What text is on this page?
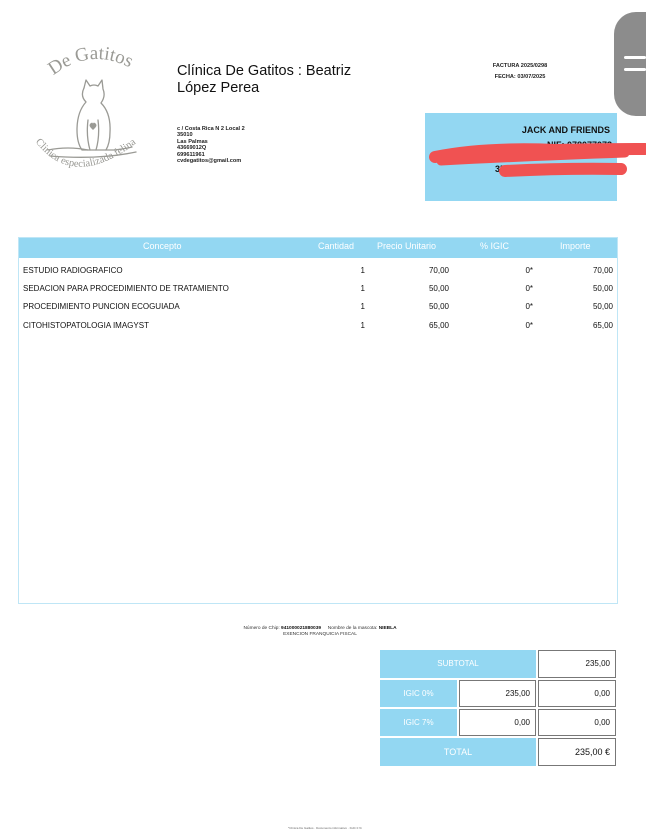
De Gatitos
Clinica especializada felina
Clínica De Gatitos : Beatriz López Perea
c / Costa Rica N 2 Local 2
35010
Las Palmas
43669012Q
699611961
cvdegatitos@gmail.com
FACTURA 2025/0298
FECHA: 03/07/2025
JACK AND FRIENDS
NIF: 078077073
35
Concepto	Cantidad	Precio Unitario	% IGIC	Importe
ESTUDIO RADIOGRAFICO	1	70,00	0*	70,00
SEDACION PARA PROCEDIMIENTO DE TRATAMIENTO	1	50,00	0*	50,00
PROCEDIMIENTO PUNCION ECOGUIADA	1	50,00	0*	50,00
CITOHISTOPATOLOGIA IMAGYST	1	65,00	0*	65,00
Número de Chip: 941000021880039 Nombre de la mascota: NIEBLA
EXENCION FRANQUICIA FISCAL
SUBTOTAL	235,00
IGIC 0%	235,00	0,00
IGIC 7%	0,00	0,00
TOTAL	235,00 €
*Clínica De Gatitos · Documento informativo · IGIC 0 %
